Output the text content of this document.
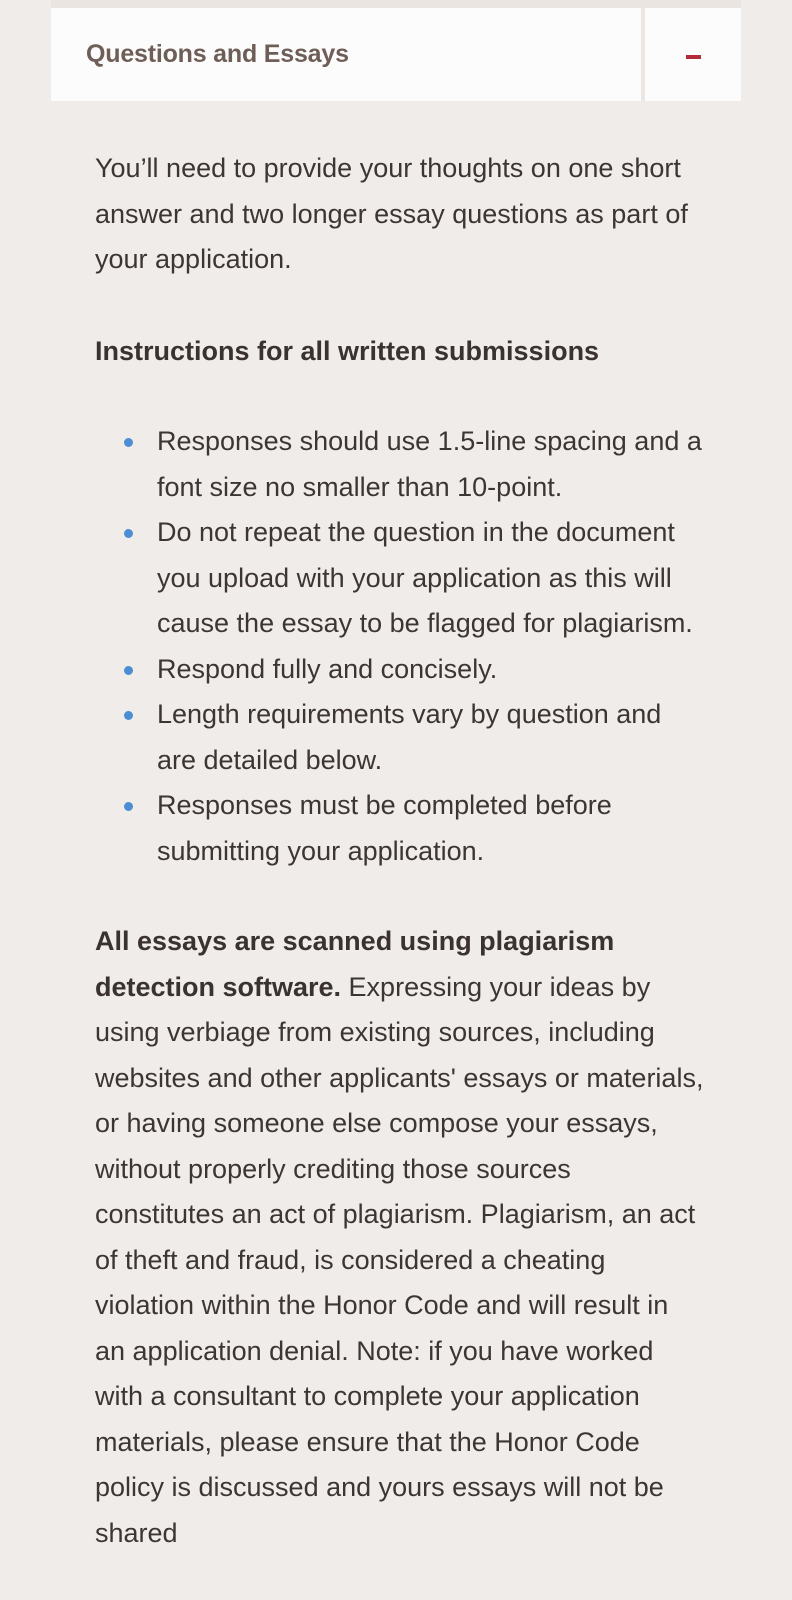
Questions and Essays

You’ll need to provide your thoughts on one short answer and two longer essay questions as part of your application.

Instructions for all written submissions

Responses should use 1.5-line spacing and a font size no smaller than 10-point.
Do not repeat the question in the document you upload with your application as this will cause the essay to be flagged for plagiarism.
Respond fully and concisely.
Length requirements vary by question and are detailed below.
Responses must be completed before submitting your application.

All essays are scanned using plagiarism detection software. Expressing your ideas by using verbiage from existing sources, including websites and other applicants' essays or materials, or having someone else compose your essays, without properly crediting those sources constitutes an act of plagiarism. Plagiarism, an act of theft and fraud, is considered a cheating violation within the Honor Code and will result in an application denial. Note: if you have worked with a consultant to complete your application materials, please ensure that the Honor Code policy is discussed and yours essays will not be shared
